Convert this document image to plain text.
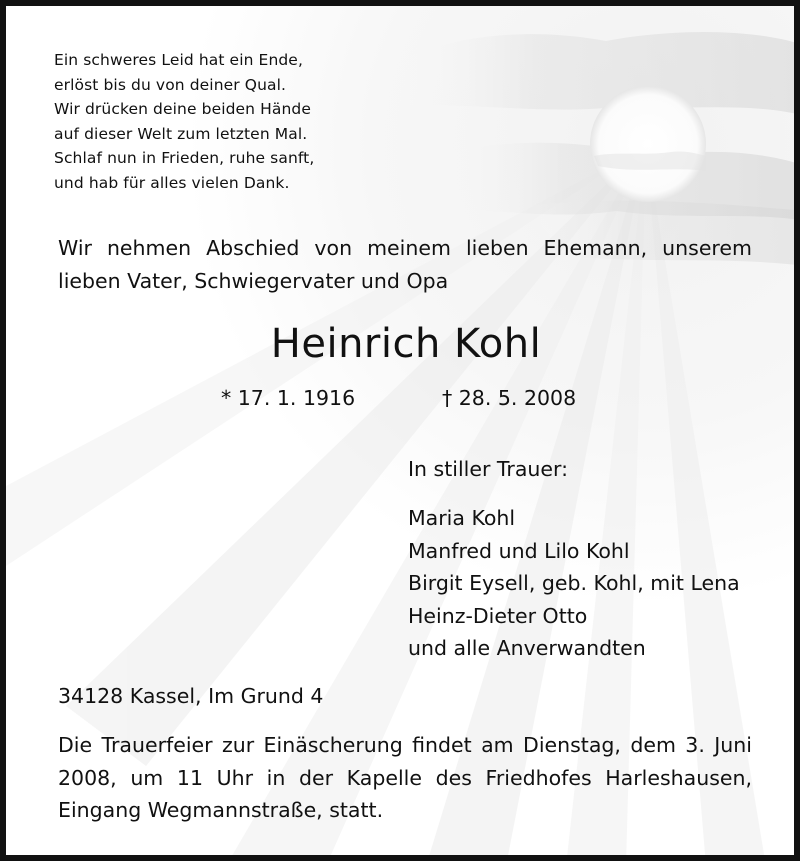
Ein schweres Leid hat ein Ende,
erlöst bis du von deiner Qual.
Wir drücken deine beiden Hände
auf dieser Welt zum letzten Mal.
Schlaf nun in Frieden, ruhe sanft,
und hab für alles vielen Dank.
Wir nehmen Abschied von meinem lieben Ehemann, unserem lieben Vater, Schwiegervater und Opa
Heinrich Kohl
* 17. 1. 1916	† 28. 5. 2008
In stiller Trauer:
Maria Kohl
Manfred und Lilo Kohl
Birgit Eysell, geb. Kohl, mit Lena
Heinz-Dieter Otto
und alle Anverwandten
34128 Kassel, Im Grund 4
Die Trauerfeier zur Einäscherung findet am Dienstag, dem 3. Juni 2008, um 11 Uhr in der Kapelle des Friedhofes Harleshausen, Eingang Wegmannstraße, statt.
